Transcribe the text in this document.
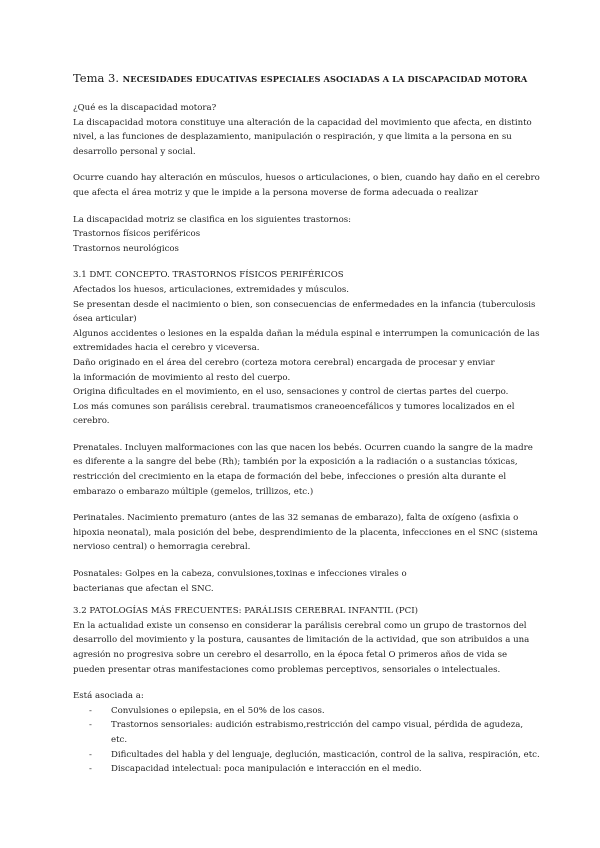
Tema 3. NECESIDADES EDUCATIVAS ESPECIALES ASOCIADAS A LA DISCAPACIDAD MOTORA

¿Qué es la discapacidad motora?

La discapacidad motora constituye una alteración de la capacidad del movimiento que afecta, en distinto nivel, a las funciones de desplazamiento, manipulación o respiración, y que limita a la persona en su desarrollo personal y social.

Ocurre cuando hay alteración en músculos, huesos o articulaciones, o bien, cuando hay daño en el cerebro que afecta el área motriz y que le impide a la persona moverse de forma adecuada o realizar

La discapacidad motriz se clasifica en los siguientes trastornos:

Trastornos físicos periféricos

Trastornos neurológicos

3.1 DMT. CONCEPTO. TRASTORNOS FÍSICOS PERIFÉRICOS

Afectados los huesos, articulaciones, extremidades y músculos.

Se presentan desde el nacimiento o bien, son consecuencias de enfermedades en la infancia (tuberculosis ósea articular)

Algunos accidentes o lesiones en la espalda dañan la médula espinal e interrumpen la comunicación de las extremidades hacia el cerebro y viceversa.

Daño originado en el área del cerebro (corteza motora cerebral) encargada de procesar y enviar

la información de movimiento al resto del cuerpo.

Origina dificultades en el movimiento, en el uso, sensaciones y control de ciertas partes del cuerpo.

Los más comunes son parálisis cerebral. traumatismos craneoencefálicos y tumores localizados en el cerebro.

Prenatales. Incluyen malformaciones con las que nacen los bebés. Ocurren cuando la sangre de la madre es diferente a la sangre del bebe (Rh); también por la exposición a la radiación o a sustancias tóxicas, restricción del crecimiento en la etapa de formación del bebe, infecciones o presión alta durante el embarazo o embarazo múltiple (gemelos, trillizos, etc.)

Perinatales. Nacimiento prematuro (antes de las 32 semanas de embarazo), falta de oxígeno (asfixia o hipoxia neonatal), mala posición del bebe, desprendimiento de la placenta, infecciones en el SNC (sistema nervioso central) o hemorragia cerebral.

Posnatales: Golpes en la cabeza, convulsiones,toxinas e infecciones virales o

bacterianas que afectan el SNC.

3.2 PATOLOGÍAS MÁS FRECUENTES: PARÁLISIS CEREBRAL INFANTIL (PCI)

En la actualidad existe un consenso en considerar la parálisis cerebral como un grupo de trastornos del desarrollo del movimiento y la postura, causantes de limitación de la actividad, que son atribuidos a una agresión no progresiva sobre un cerebro el desarrollo, en la época fetal O primeros años de vida se pueden presentar otras manifestaciones como problemas perceptivos, sensoriales o intelectuales.

Está asociada a:

- Convulsiones o epilepsia, en el 50% de los casos.
- Trastornos sensoriales: audición estrabismo,restricción del campo visual, pérdida de agudeza, etc.
- Dificultades del habla y del lenguaje, deglución, masticación, control de la saliva, respiración, etc.
- Discapacidad intelectual: poca manipulación e interacción en el medio.
